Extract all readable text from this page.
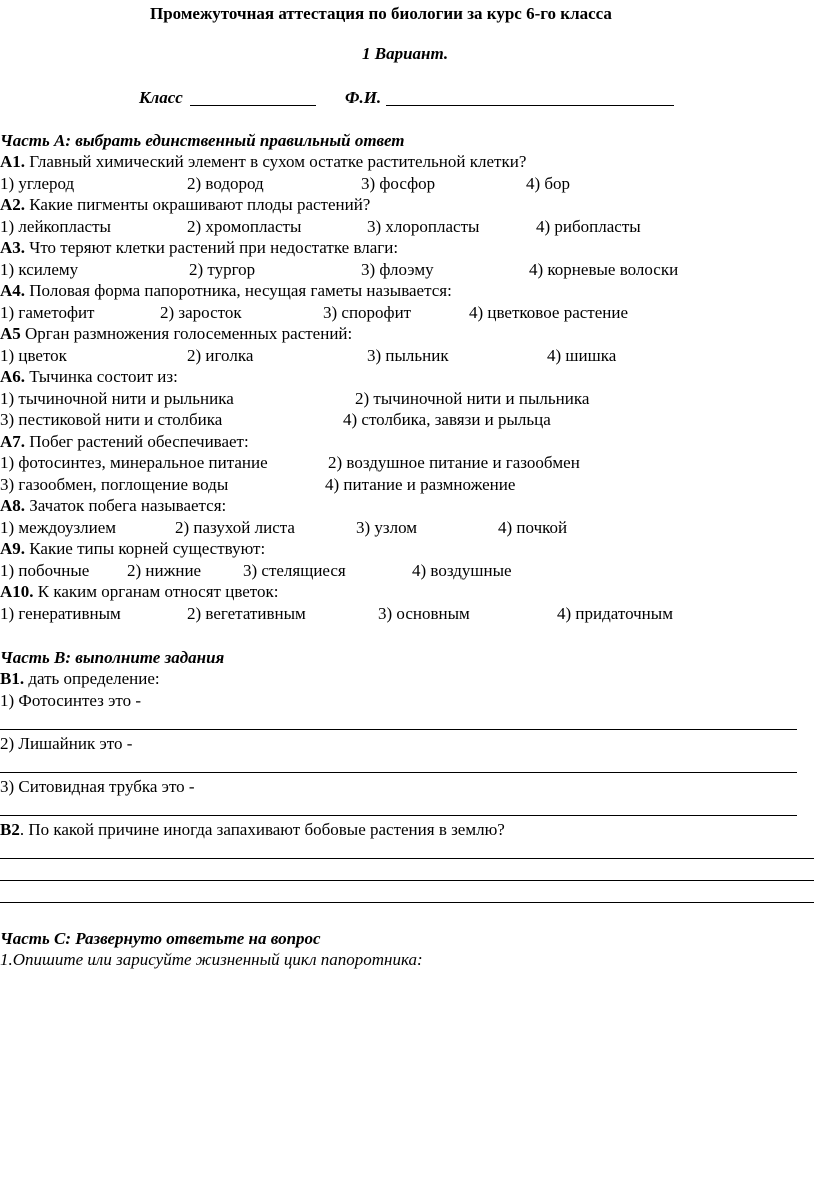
Промежуточная аттестация по биологии за курс 6-го класса
1 Вариант.
Класс	Ф.И.
Часть А: выбрать единственный правильный ответ
А1. Главный химический элемент в сухом остатке растительной клетки?
1) углерод	2) водород	3) фосфор	4) бор
А2. Какие пигменты окрашивают плоды растений?
1) лейкопласты	2) хромопласты	3) хлоропласты	4) рибопласты
А3. Что теряют клетки растений при недостатке влаги:
1) ксилему	2) тургор	3) флоэму	4) корневые волоски
А4. Половая форма папоротника, несущая гаметы называется:
1) гаметофит	2) заросток	3) спорофит	4) цветковое растение
А5 Орган размножения голосеменных растений:
1) цветок	2) иголка	3) пыльник	4) шишка
А6. Тычинка состоит из:
1) тычиночной нити и рыльника	2) тычиночной нити и пыльника
3) пестиковой нити и столбика	4) столбика, завязи и рыльца
А7. Побег растений обеспечивает:
1) фотосинтез, минеральное питание	2) воздушное питание и газообмен
3) газообмен, поглощение воды	4) питание и размножение
А8. Зачаток побега называется:
1) междоузлием	2) пазухой листа	3) узлом	4) почкой
А9. Какие типы корней существуют:
1) побочные 2) нижние 3) стелящиеся	4) воздушные
А10. К каким органам относят цветок:
1) генеративным	2) вегетативным	3) основным	4) придаточным
Часть В: выполните задания
В1. дать определение:
1) Фотосинтез это -
2) Лишайник это -
3) Ситовидная трубка это -
В2. По какой причине иногда запахивают бобовые растения в землю?
Часть С: Развернуто ответьте на вопрос
1.Опишите или зарисуйте жизненный цикл папоротника:
